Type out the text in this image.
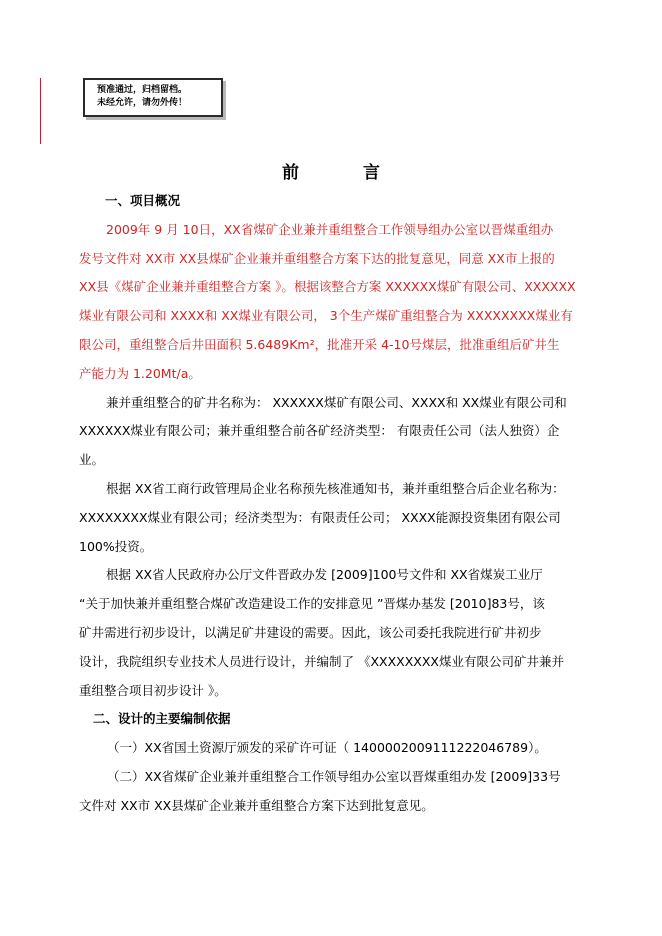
预准通过，归档留档。
未经允许，请勿外传！
前	言
一、项目概况
2009年 9 月 10日，XX省煤矿企业兼并重组整合工作领导组办公室以晋煤重组办
发号文件对 XX市 XX县煤矿企业兼并重组整合方案下达的批复意见，同意 XX市上报的
XX县《煤矿企业兼并重组整合方案 》。根据该整合方案 XXXXXX煤矿有限公司、XXXXXX
煤业有限公司和 XXXX和 XX煤业有限公司， 3个生产煤矿重组整合为 XXXXXXXX煤业有
限公司，重组整合后井田面积 5.6489Km²，批准开采 4-10号煤层，批准重组后矿井生
产能力为 1.20Mt/a。
兼并重组整合的矿井名称为： XXXXXX煤矿有限公司、XXXX和 XX煤业有限公司和
XXXXXX煤业有限公司；兼并重组整合前各矿经济类型： 有限责任公司（法人独资）企
业。
根据 XX省工商行政管理局企业名称预先核准通知书，兼并重组整合后企业名称为：
XXXXXXXX煤业有限公司；经济类型为：有限责任公司； XXXX能源投资集团有限公司
100%投资。
根据 XX省人民政府办公厅文件晋政办发 [2009]100号文件和 XX省煤炭工业厅
“关于加快兼并重组整合煤矿改造建设工作的安排意见 ”晋煤办基发 [2010]83号，该
矿井需进行初步设计，以满足矿井建设的需要。因此，该公司委托我院进行矿井初步
设计，我院组织专业技术人员进行设计，并编制了 《XXXXXXXX煤业有限公司矿井兼并
重组整合项目初步设计 》。
二、设计的主要编制依据
（一）XX省国土资源厅颁发的采矿许可证（ 1400002009111222046789）。
（二）XX省煤矿企业兼并重组整合工作领导组办公室以晋煤重组办发 [2009]33号
文件对 XX市 XX县煤矿企业兼并重组整合方案下达到批复意见。
